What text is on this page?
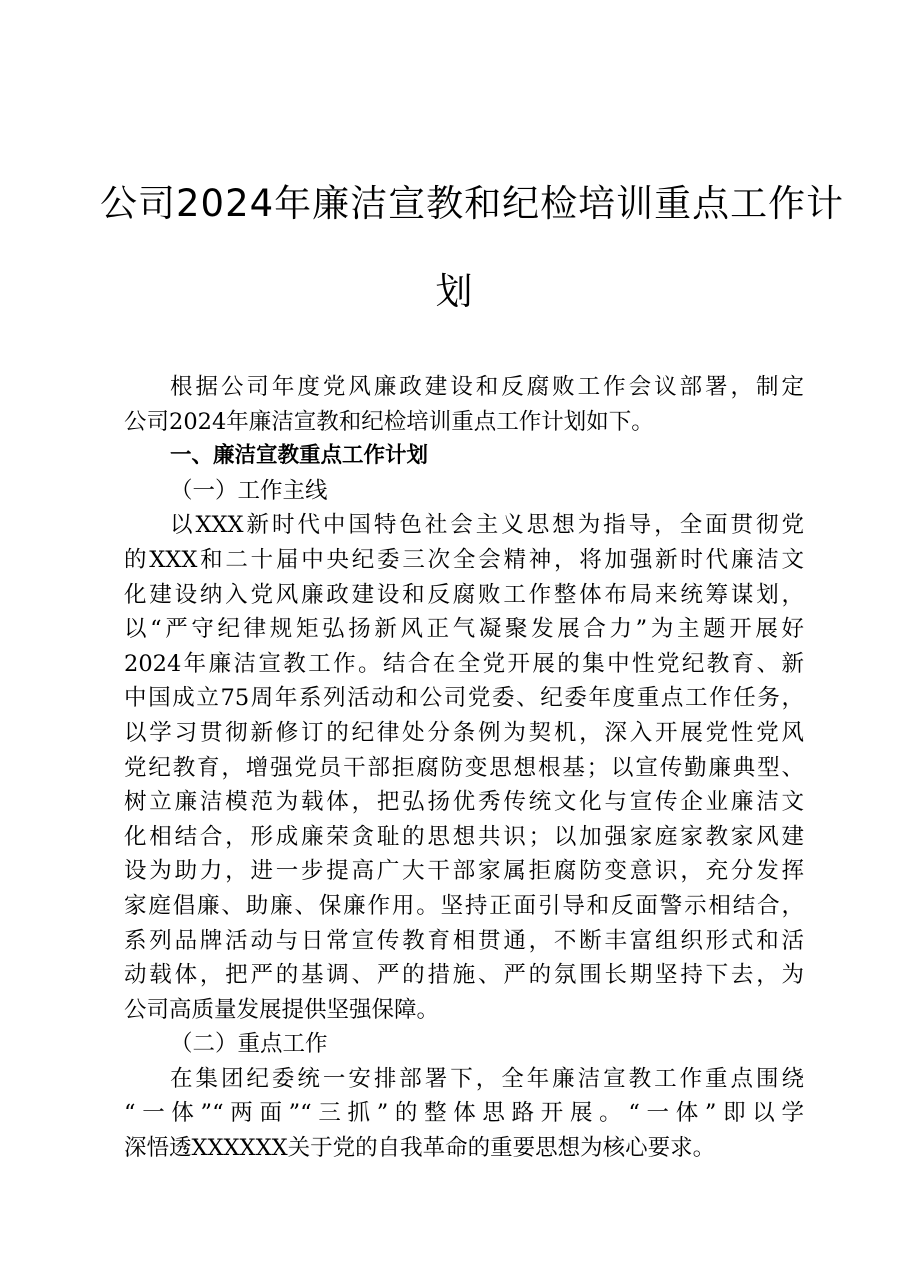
公司2024年廉洁宣教和纪检培训重点工作计
划
根据公司年度党风廉政建设和反腐败工作会议部署，制定
公司2024年廉洁宣教和纪检培训重点工作计划如下。
一、廉洁宣教重点工作计划
（一）工作主线
以XXX新时代中国特色社会主义思想为指导，全面贯彻党
的XXX和二十届中央纪委三次全会精神，将加强新时代廉洁文
化建设纳入党风廉政建设和反腐败工作整体布局来统筹谋划，
以“严守纪律规矩弘扬新风正气凝聚发展合力”为主题开展好
2024年廉洁宣教工作。结合在全党开展的集中性党纪教育、新
中国成立75周年系列活动和公司党委、纪委年度重点工作任务，
以学习贯彻新修订的纪律处分条例为契机，深入开展党性党风
党纪教育，增强党员干部拒腐防变思想根基；以宣传勤廉典型、
树立廉洁模范为载体，把弘扬优秀传统文化与宣传企业廉洁文
化相结合，形成廉荣贪耻的思想共识；以加强家庭家教家风建
设为助力，进一步提高广大干部家属拒腐防变意识，充分发挥
家庭倡廉、助廉、保廉作用。坚持正面引导和反面警示相结合，
系列品牌活动与日常宣传教育相贯通，不断丰富组织形式和活
动载体，把严的基调、严的措施、严的氛围长期坚持下去，为
公司高质量发展提供坚强保障。
（二）重点工作
在集团纪委统一安排部署下，全年廉洁宣教工作重点围绕
“一体”“两面”“三抓”的整体思路开展。“一体”即以学
深悟透XXXXXX关于党的自我革命的重要思想为核心要求。
